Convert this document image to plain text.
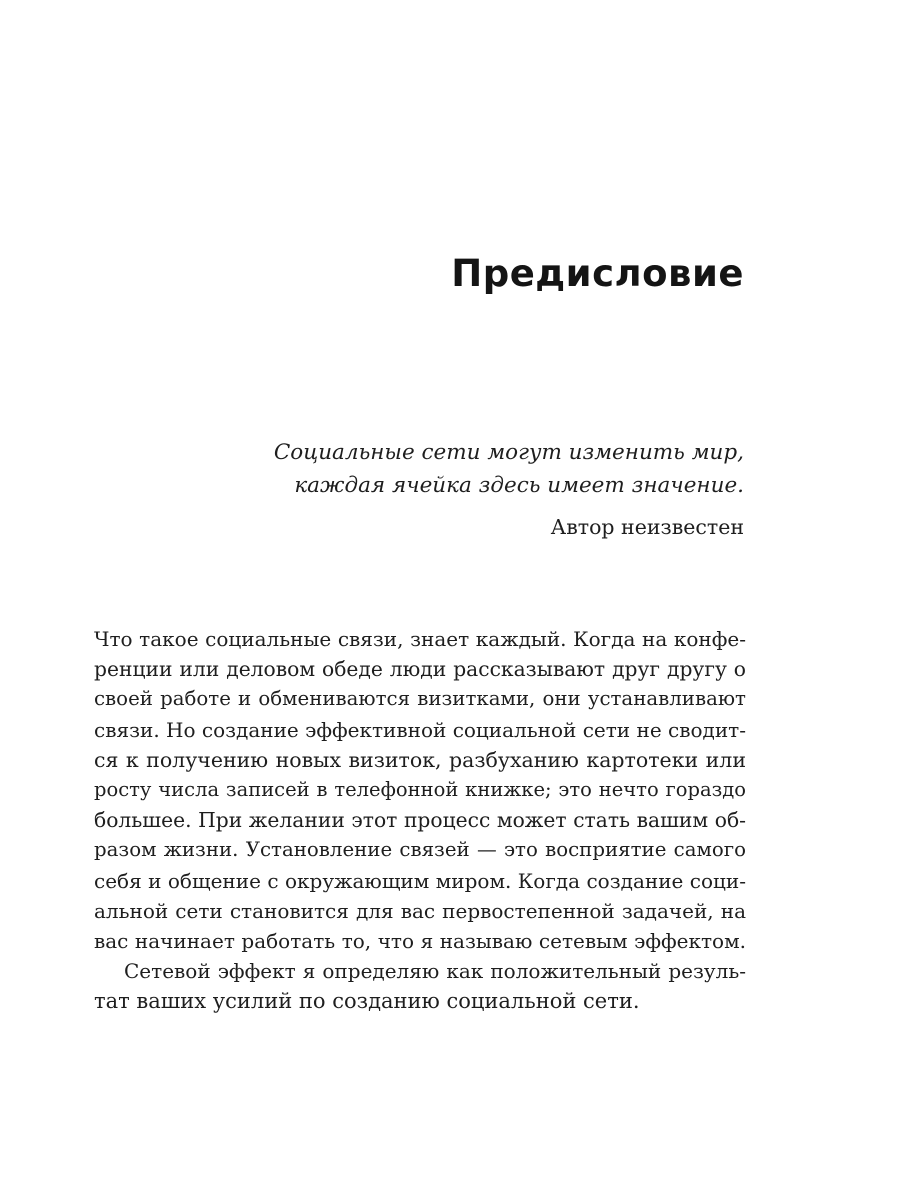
Предисловие
Социальные сети могут изменить мир,
каждая ячейка здесь имеет значение.
Автор неизвестен
Что такое социальные связи, знает каждый. Когда на конфе-
ренции или деловом обеде люди рассказывают друг другу о
своей работе и обмениваются визитками, они устанавливают
связи. Но создание эффективной социальной сети не сводит-
ся к получению новых визиток, разбуханию картотеки или
росту числа записей в телефонной книжке; это нечто гораздо
большее. При желании этот процесс может стать вашим об-
разом жизни. Установление связей — это восприятие самого
себя и общение с окружающим миром. Когда создание соци-
альной сети становится для вас первостепенной задачей, на
вас начинает работать то, что я называю сетевым эффектом.
Сетевой эффект я определяю как положительный резуль-
тат ваших усилий по созданию социальной сети.
